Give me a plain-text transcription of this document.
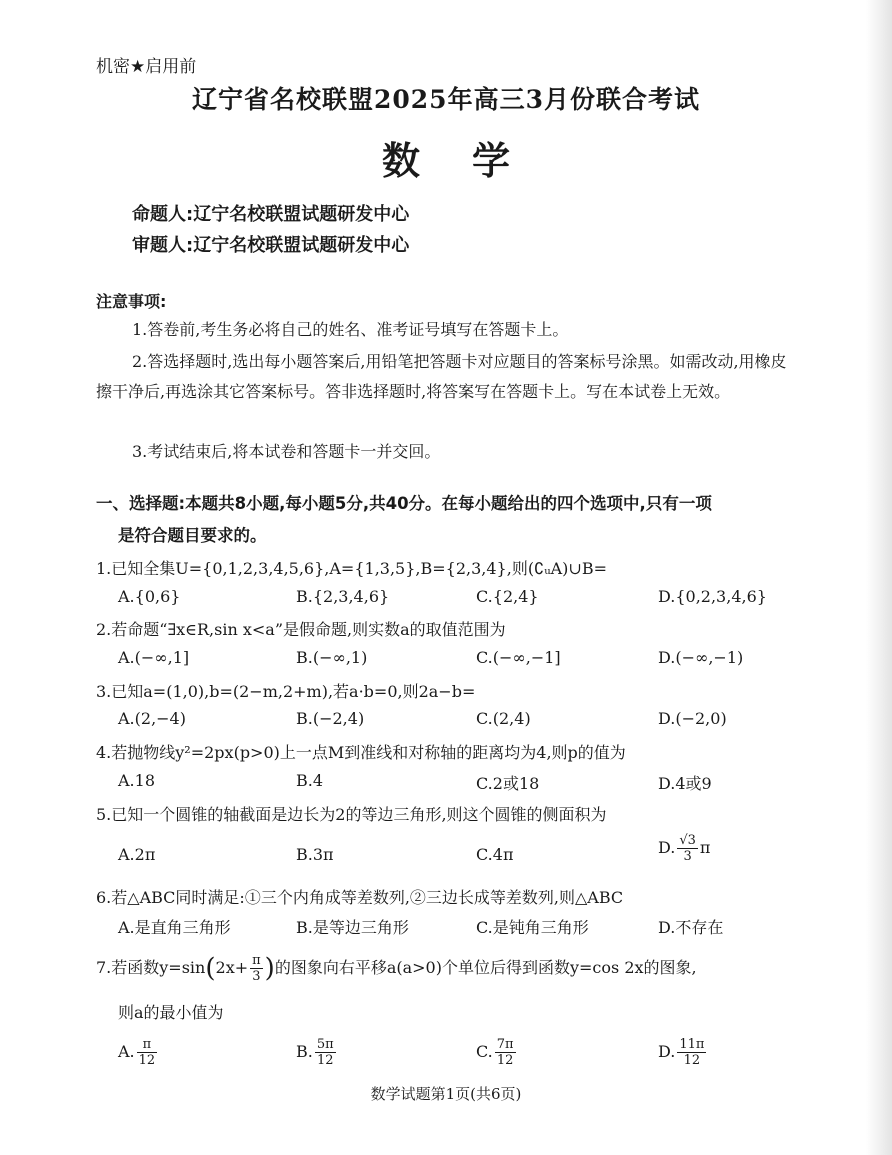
机密★启用前
辽宁省名校联盟2025年高三3月份联合考试
数学
命题人:辽宁名校联盟试题研发中心
审题人:辽宁名校联盟试题研发中心
注意事项:
1.答卷前,考生务必将自己的姓名、准考证号填写在答题卡上。
2.答选择题时,选出每小题答案后,用铅笔把答题卡对应题目的答案标号涂黑。如需改动,用橡皮擦干净后,再选涂其它答案标号。答非选择题时,将答案写在答题卡上。写在本试卷上无效。
3.考试结束后,将本试卷和答题卡一并交回。
一、选择题:本题共8小题,每小题5分,共40分。在每小题给出的四个选项中,只有一项
是符合题目要求的。
1.已知全集U={0,1,2,3,4,5,6},A={1,3,5},B={2,3,4},则(∁ᵤA)∪B=
A.{0,6}	B.{2,3,4,6}	C.{2,4}	D.{0,2,3,4,6}
2.若命题“∃x∈R,sin x<a”是假命题,则实数a的取值范围为
A.(−∞,1]	B.(−∞,1)	C.(−∞,−1]	D.(−∞,−1)
3.已知a=(1,0),b=(2−m,2+m),若a·b=0,则2a−b=
A.(2,−4)	B.(−2,4)	C.(2,4)	D.(−2,0)
4.若抛物线y²=2px(p>0)上一点M到准线和对称轴的距离均为4,则p的值为
A.18	B.4	C.2或18	D.4或9
5.已知一个圆锥的轴截面是边长为2的等边三角形,则这个圆锥的侧面积为
A.2π	B.3π	C.4π	D. $\frac{√3}{3}$ π
6.若△ABC同时满足:①三个内角成等差数列,②三边长成等差数列,则△ABC
A.是直角三角形	B.是等边三角形	C.是钝角三角形	D.不存在
7.若函数$y=\sin(2x+ \frac{\pi}{3}$ )的图象向右平移a(a>0)个单位后得到函数y=cos 2x的图象,
则a的最小值为
A. $\frac{\pi}{12}$	B. $\frac{5\pi}{12}$	C. $\frac{7\pi}{12}$	D. $\frac{11\pi}{12}$
数学试题第1页(共6页)
